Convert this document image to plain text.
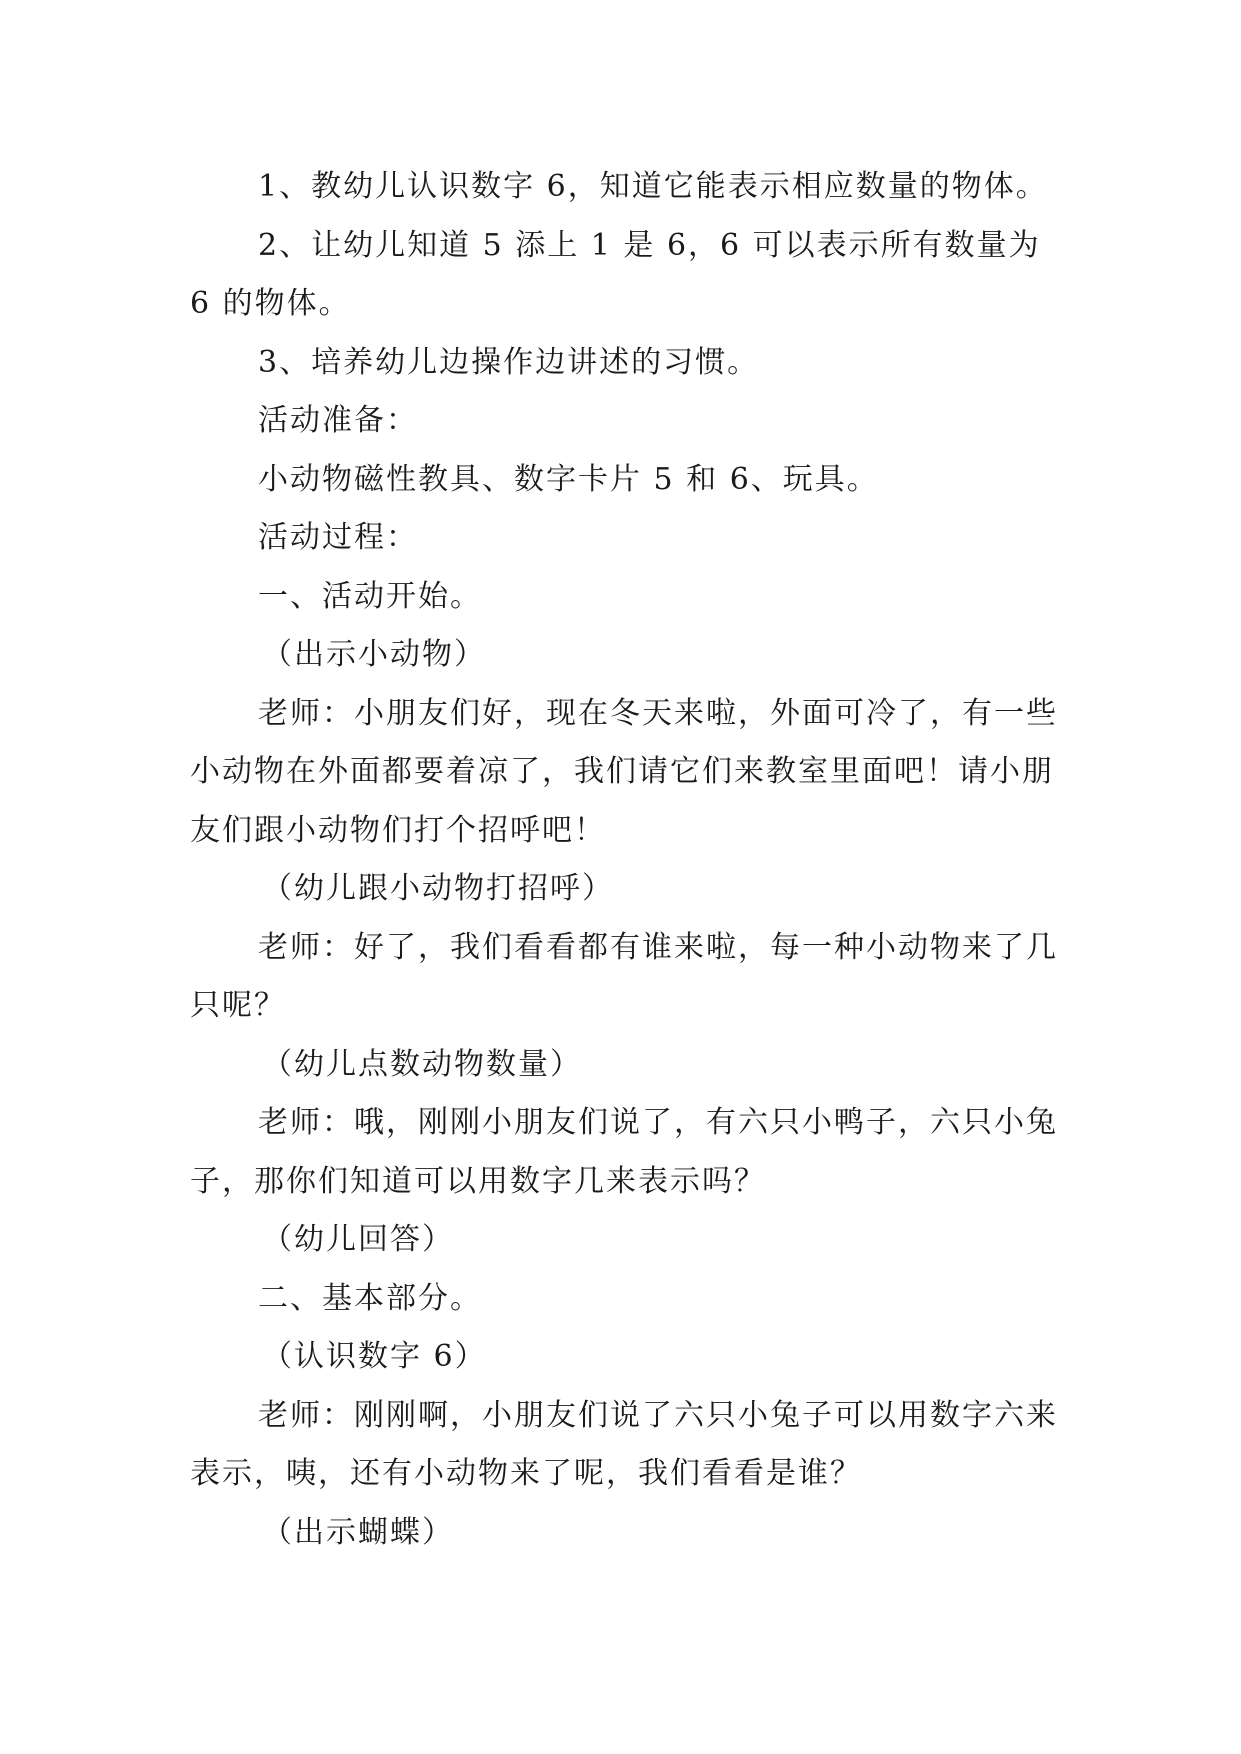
1、教幼儿认识数字 6，知道它能表示相应数量的物体。

2、让幼儿知道 5 添上 1 是 6，6 可以表示所有数量为 6 的物体。

3、培养幼儿边操作边讲述的习惯。

活动准备：

小动物磁性教具、数字卡片 5 和 6、玩具。

活动过程：

一、活动开始。

（出示小动物）

老师：小朋友们好，现在冬天来啦，外面可冷了，有一些小动物在外面都要着凉了，我们请它们来教室里面吧！请小朋友们跟小动物们打个招呼吧！

（幼儿跟小动物打招呼）

老师：好了，我们看看都有谁来啦，每一种小动物来了几只呢？

（幼儿点数动物数量）

老师：哦，刚刚小朋友们说了，有六只小鸭子，六只小兔子，那你们知道可以用数字几来表示吗？

（幼儿回答）

二、基本部分。

（认识数字 6）

老师：刚刚啊，小朋友们说了六只小兔子可以用数字六来表示，咦，还有小动物来了呢，我们看看是谁？

（出示蝴蝶）
